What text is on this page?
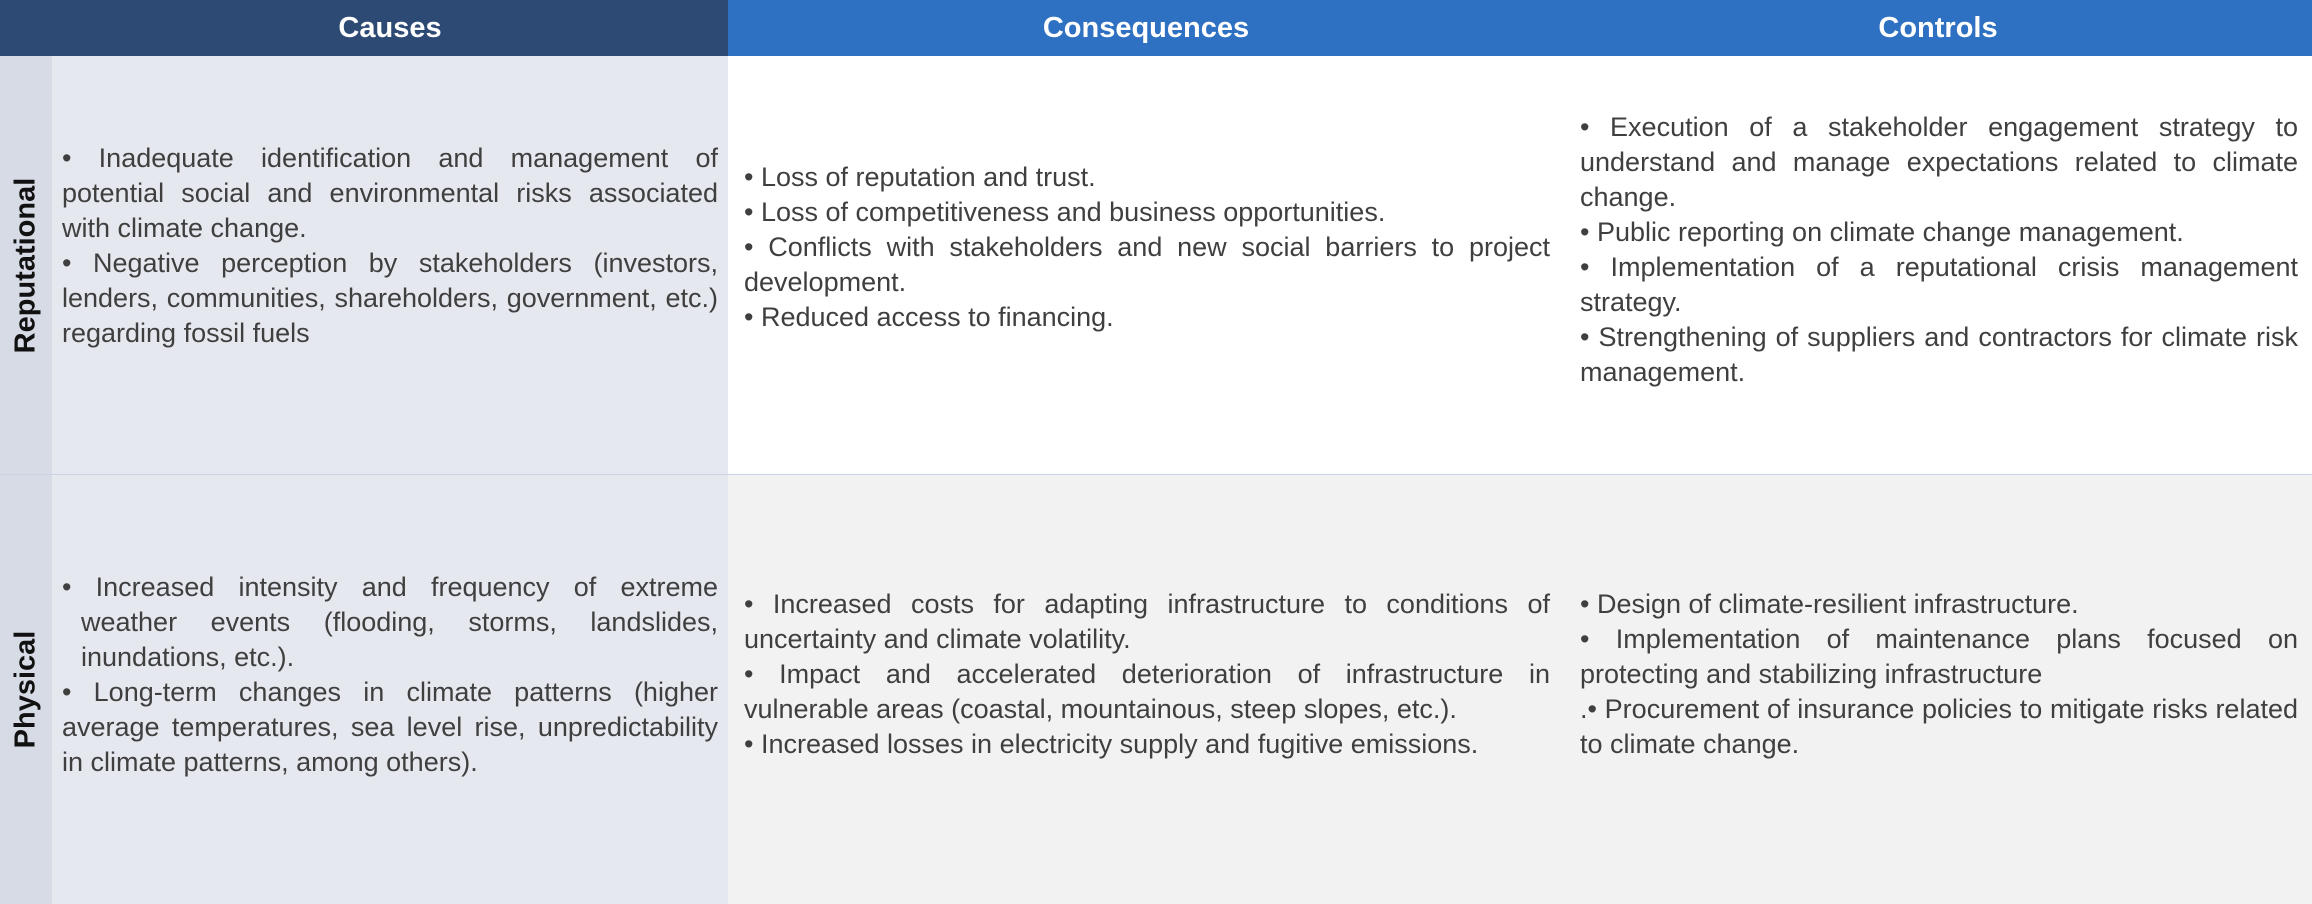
Causes	Consequences	Controls
Reputational
• Inadequate identification and management of potential social and environmental risks associated with climate change.
• Negative perception by stakeholders (investors, lenders, communities, shareholders, government, etc.) regarding fossil fuels
• Loss of reputation and trust.
• Loss of competitiveness and business opportunities.
• Conflicts with stakeholders and new social barriers to project development.
• Reduced access to financing.
• Execution of a stakeholder engagement strategy to understand and manage expectations related to climate change.
• Public reporting on climate change management.
• Implementation of a reputational crisis management strategy.
• Strengthening of suppliers and contractors for climate risk management.
Physical
• Increased intensity and frequency of extreme weather events (flooding, storms, landslides, inundations, etc.).
• Long-term changes in climate patterns (higher average temperatures, sea level rise, unpredictability in climate patterns, among others).
• Increased costs for adapting infrastructure to conditions of uncertainty and climate volatility.
• Impact and accelerated deterioration of infrastructure in vulnerable areas (coastal, mountainous, steep slopes, etc.).
• Increased losses in electricity supply and fugitive emissions.
• Design of climate-resilient infrastructure.
• Implementation of maintenance plans focused on protecting and stabilizing infrastructure
.• Procurement of insurance policies to mitigate risks related to climate change.
